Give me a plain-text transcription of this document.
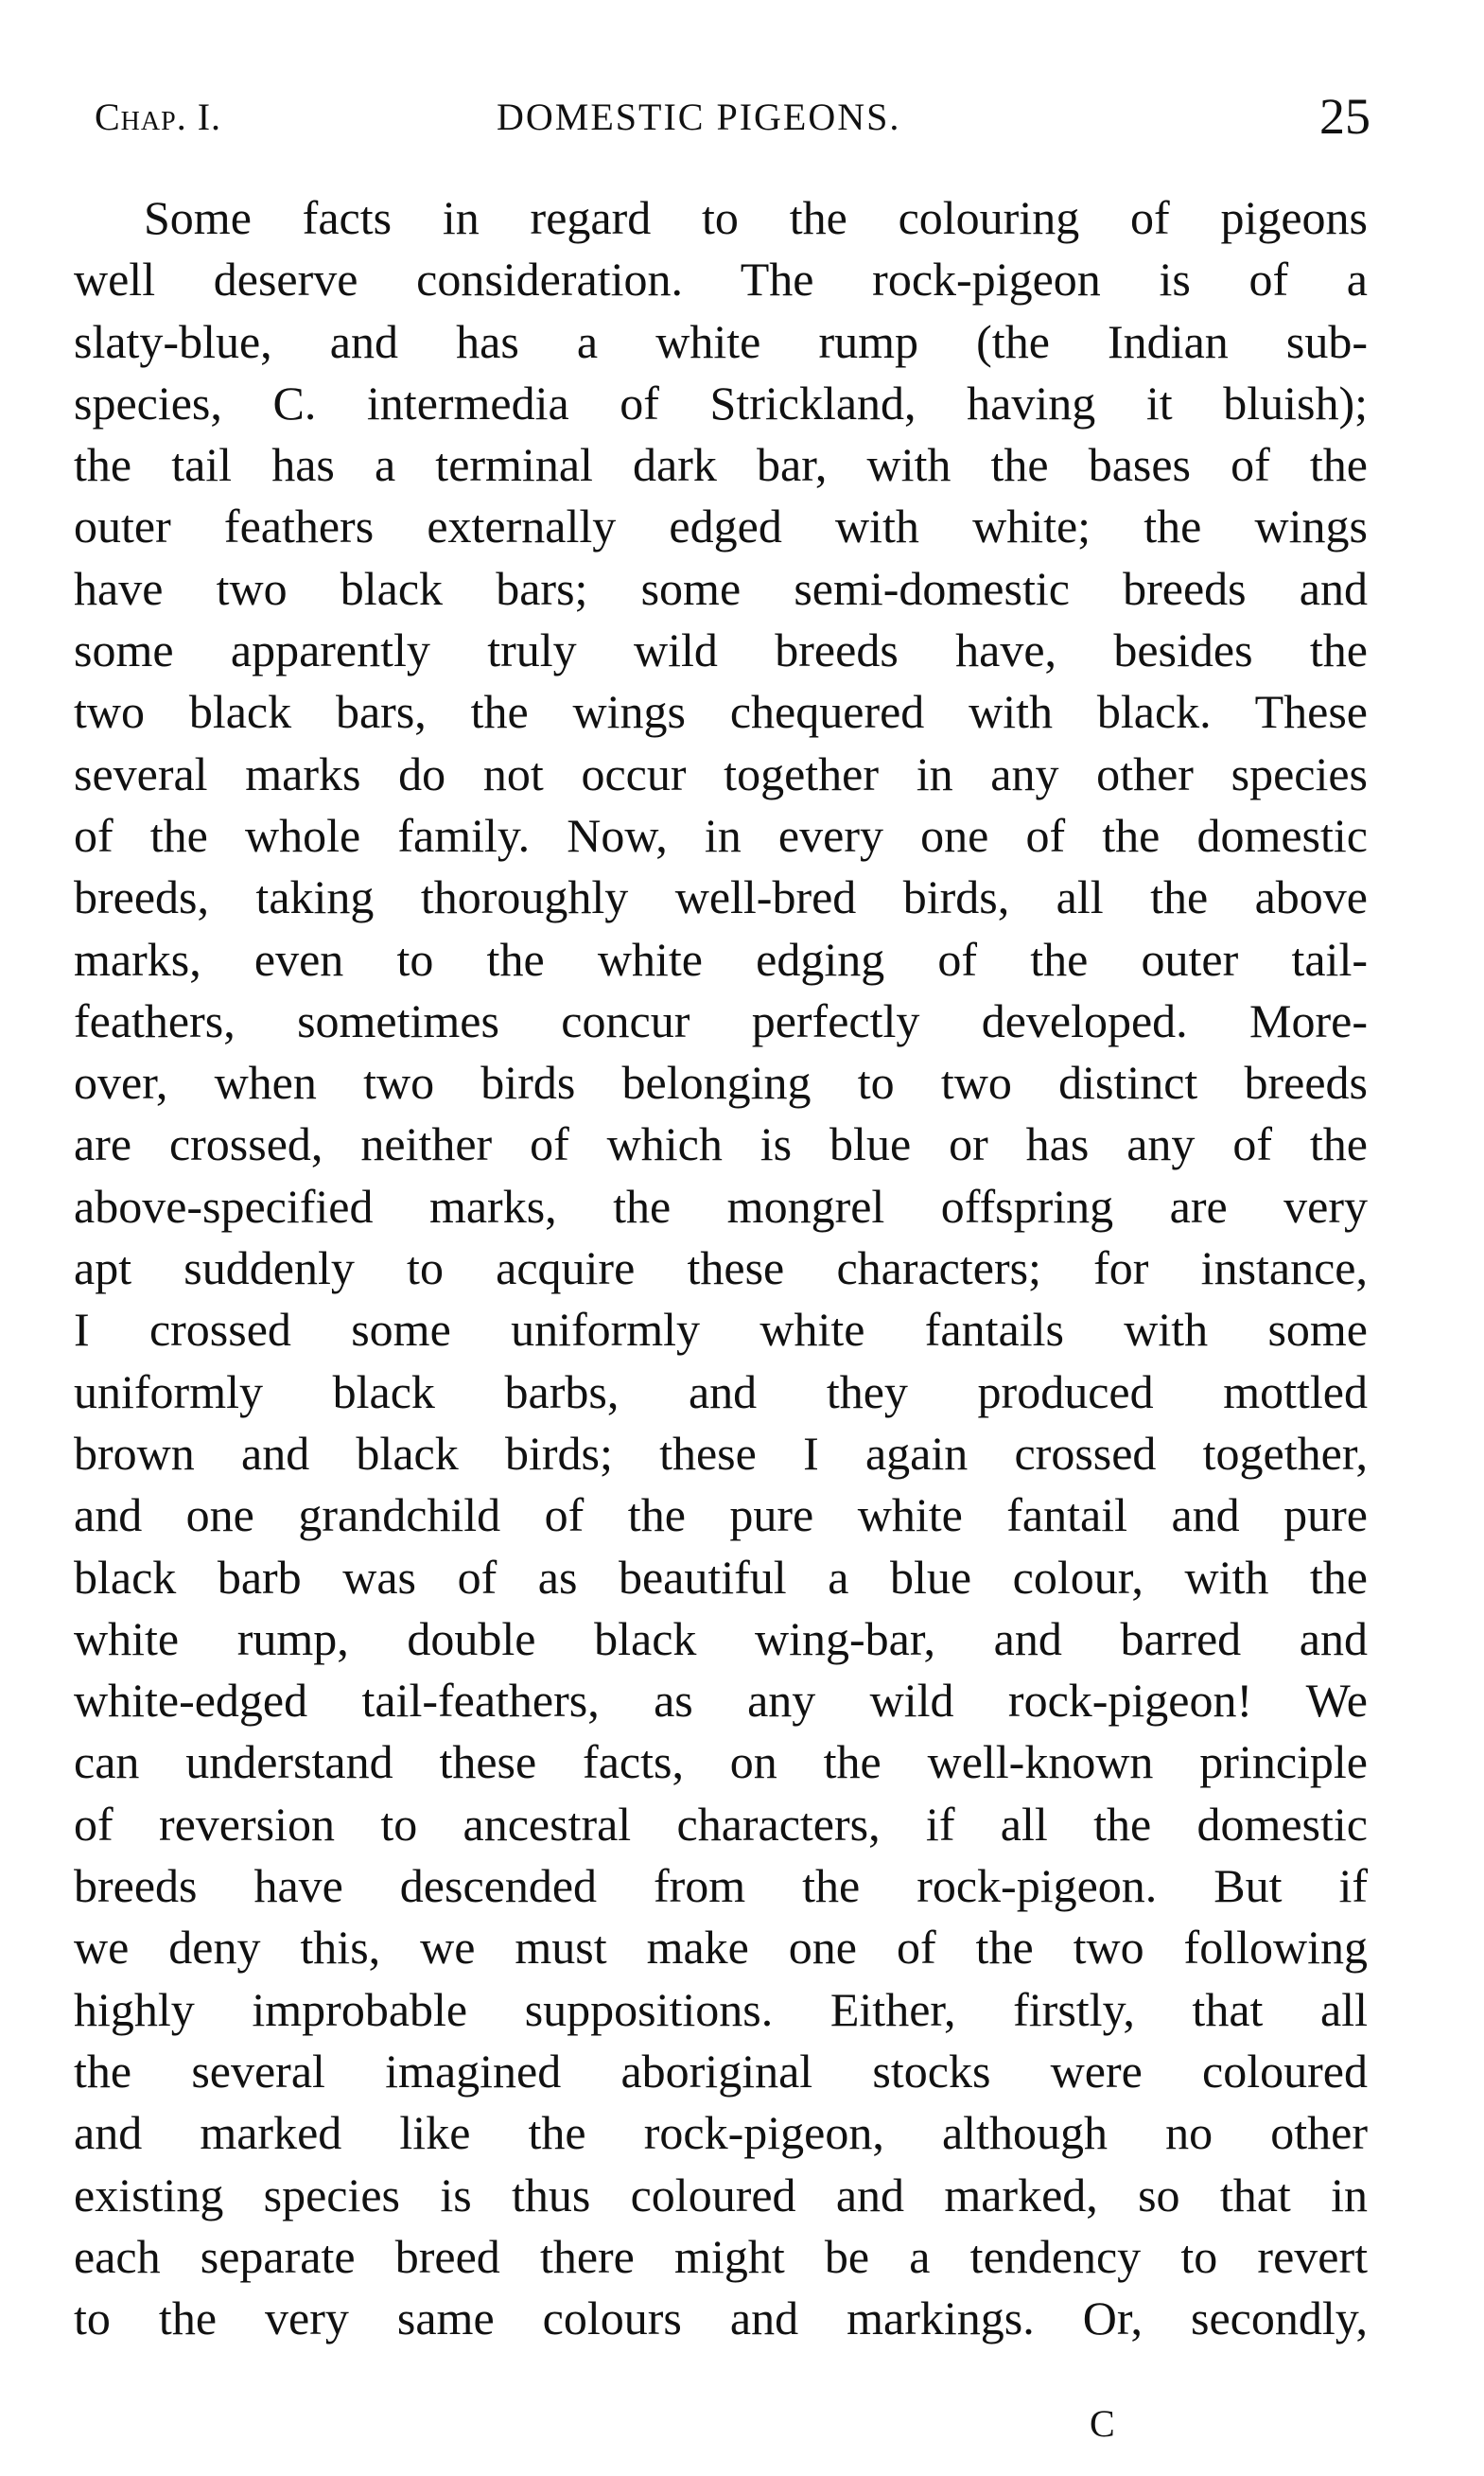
Chap. I.	DOMESTIC PIGEONS.	25
Some facts in regard to the colouring of pigeons
well deserve consideration. The rock-pigeon is of a
slaty-blue, and has a white rump (the Indian sub-
species, C. intermedia of Strickland, having it bluish);
the tail has a terminal dark bar, with the bases of the
outer feathers externally edged with white; the wings
have two black bars; some semi-domestic breeds and
some apparently truly wild breeds have, besides the
two black bars, the wings chequered with black. These
several marks do not occur together in any other species
of the whole family. Now, in every one of the domestic
breeds, taking thoroughly well-bred birds, all the above
marks, even to the white edging of the outer tail-
feathers, sometimes concur perfectly developed. More-
over, when two birds belonging to two distinct breeds
are crossed, neither of which is blue or has any of the
above-specified marks, the mongrel offspring are very
apt suddenly to acquire these characters; for instance,
I crossed some uniformly white fantails with some
uniformly black barbs, and they produced mottled
brown and black birds; these I again crossed together,
and one grandchild of the pure white fantail and pure
black barb was of as beautiful a blue colour, with the
white rump, double black wing-bar, and barred and
white-edged tail-feathers, as any wild rock-pigeon! We
can understand these facts, on the well-known principle
of reversion to ancestral characters, if all the domestic
breeds have descended from the rock-pigeon. But if
we deny this, we must make one of the two following
highly improbable suppositions. Either, firstly, that all
the several imagined aboriginal stocks were coloured
and marked like the rock-pigeon, although no other
existing species is thus coloured and marked, so that in
each separate breed there might be a tendency to revert
to the very same colours and markings. Or, secondly,
C
